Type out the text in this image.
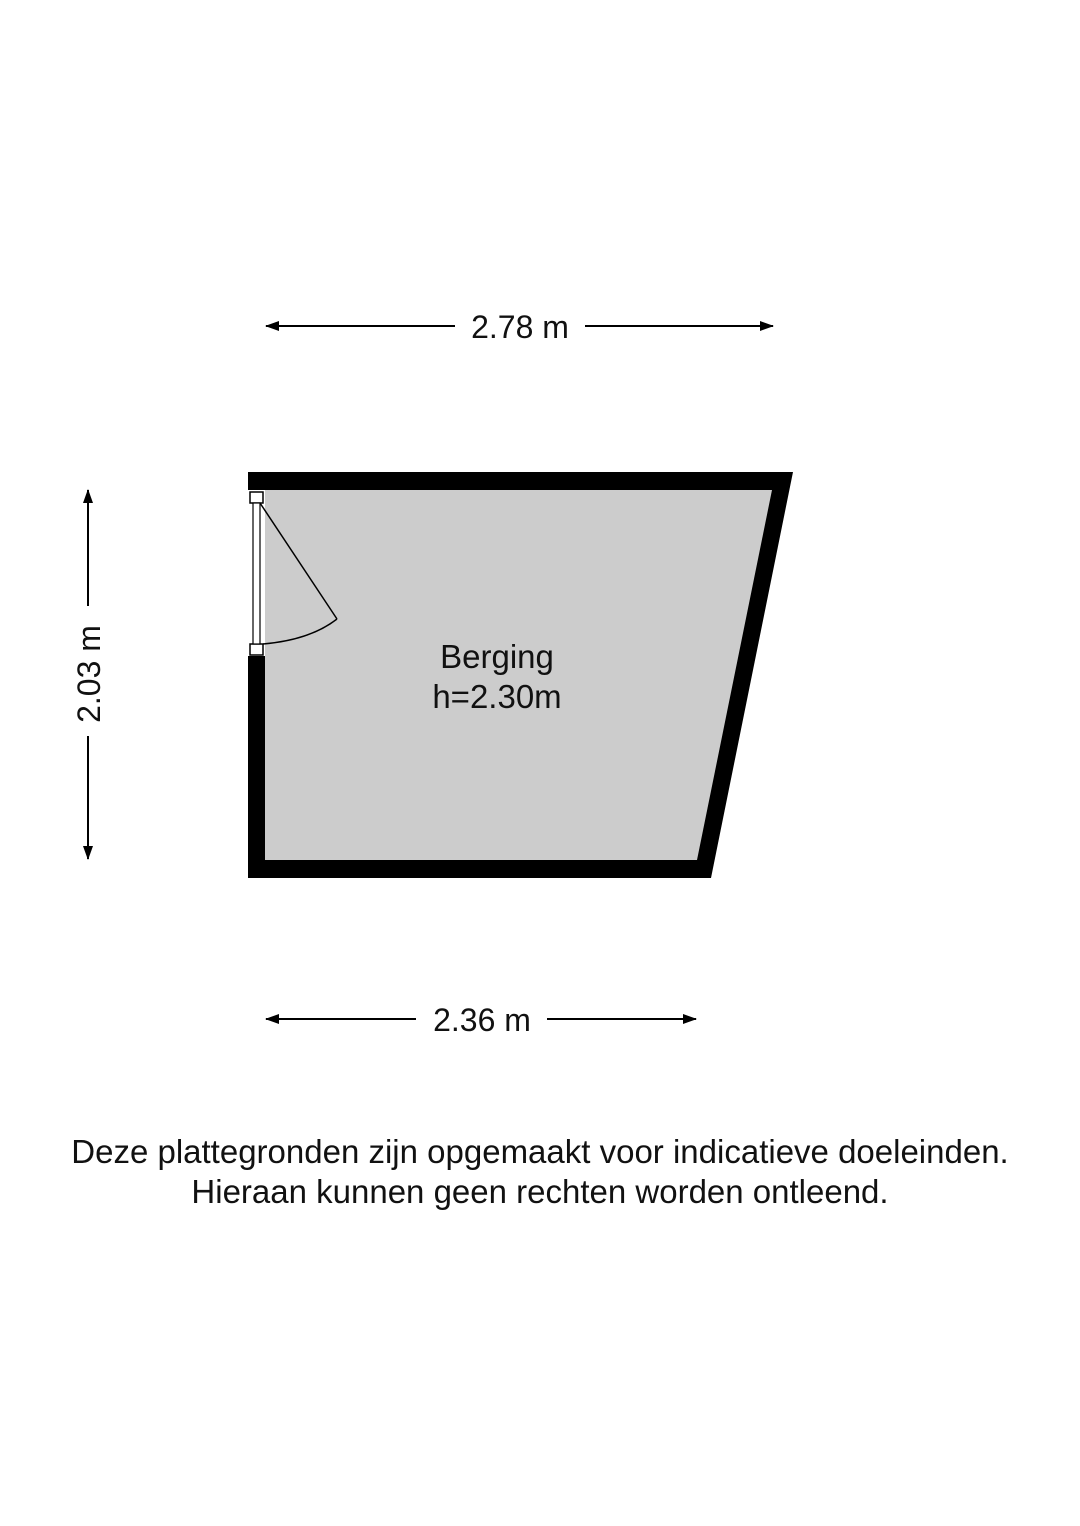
2.78 m
2.03 m
2.36 m
Berging
h=2.30m
Deze plattegronden zijn opgemaakt voor indicatieve doeleinden.
Hieraan kunnen geen rechten worden ontleend.
